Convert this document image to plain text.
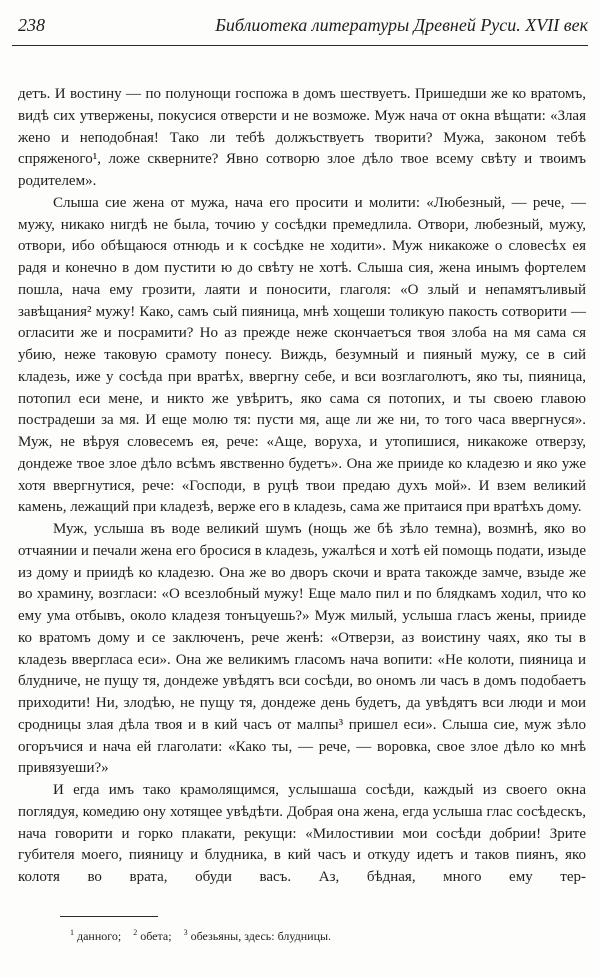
238	Библиотека литературы Древней Руси. XVII век

детъ. И востину — по полунощи госпожа в домъ шествуетъ. Пришедши же ко вратомъ, видѣ сих утвержены, покусися отверсти и не возможе. Муж нача от окна вѣщати: «Злая жено и неподобная! Тако ли тебѣ должъствуетъ творити? Мужа, законом тебѣ спряженого¹, ложе скверните? Явно сотворю злое дѣло твое всему свѣту и твоимъ родителем».

Слыша сие жена от мужа, нача его просити и молити: «Любезный, — рече, — мужу, никако нигдѣ не была, точию у сосѣдки премедлила. Отвори, любезный, мужу, отвори, ибо обѣщаюся отнюдь и к сосѣдке не ходити». Муж никакоже о словесѣх ея радя и конечно в дом пустити ю до свѣту не хотѣ. Слыша сия, жена инымъ фортелем пошла, нача ему грозити, лаяти и поносити, глаголя: «О злый и непамятъливый завѣщания² мужу! Како, самъ сый пияница, мнѣ хощеши толикую пакость сотворити — огласити же и посрамити? Но аз прежде неже скончаетъся твоя злоба на мя сама ся убию, неже таковую срамоту понесу. Виждь, безумный и пияный мужу, се в сий кладезь, иже у сосѣда при вратѣх, ввергну себе, и вси возглаголютъ, яко ты, пияница, потопил еси мене, и никто же увѣритъ, яко сама ся потопих, и ты своею главою пострадеши за мя. И еще молю тя: пусти мя, аще ли же ни, то того часа ввергнуся». Муж, не вѣруя словесемъ ея, рече: «Аще, воруха, и утопишися, никакоже отверзу, дондеже твое злое дѣло всѣмъ явственно будетъ». Она же прииде ко кладезю и яко уже хотя ввергнутися, рече: «Господи, в руцѣ твои предаю духъ мой». И взем великий камень, лежащий при кладезѣ, верже его в кладезь, сама же притаися при вратѣхъ дому.

Муж, услыша въ воде великий шумъ (нощь же бѣ зѣло темна), возмнѣ, яко во отчаянии и печали жена его бросися в кладезь, ужалѣся и хотѣ ей помощь подати, изыде из дому и приидѣ ко кладезю. Она же во дворъ скочи и врата такожде замче, взыде же во храмину, возгласи: «О всезлобный мужу! Еще мало пил и по блядкамъ ходил, что ко ему ума отбывъ, около кладезя тонъцуешь?» Муж милый, услыша гласъ жены, прииде ко вратомъ дому и се заключенъ, рече женѣ: «Отверзи, аз воистину чаях, яко ты в кладезь ввергласа еси». Она же великимъ гласомъ нача вопити: «Не колоти, пияница и блудниче, не пущу тя, дондеже увѣдятъ вси сосѣди, во ономъ ли часъ в домъ подобаетъ приходити! Ни, злодѣю, не пущу тя, дондеже день будетъ, да увѣдятъ вси люди и мои сродницы злая дѣла твоя и в кий часъ от малпы³ пришел еси». Слыша сие, муж зѣло огоръчися и нача ей глаголати: «Како ты, — рече, — воровка, свое злое дѣло ко мнѣ привязуеши?»

И егда имъ тако крамолящимся, услышаша сосѣди, каждый из своего окна поглядуя, комедию ону хотящее увѣдѣти. Добрая она жена, егда услыша глас сосѣдескъ, нача говорити и горко плакати, рекущи: «Милостивии мои сосѣди добрии! Зрите губителя моего, пияницу и блудника, в кий часъ и откуду идетъ и таков пиянъ, яко колотя во врата, обуди васъ. Аз, бѣдная, много ему тер-

$^1$ данного; $^2$ обета; $^3$ обезьяны, здесь: блудницы.
